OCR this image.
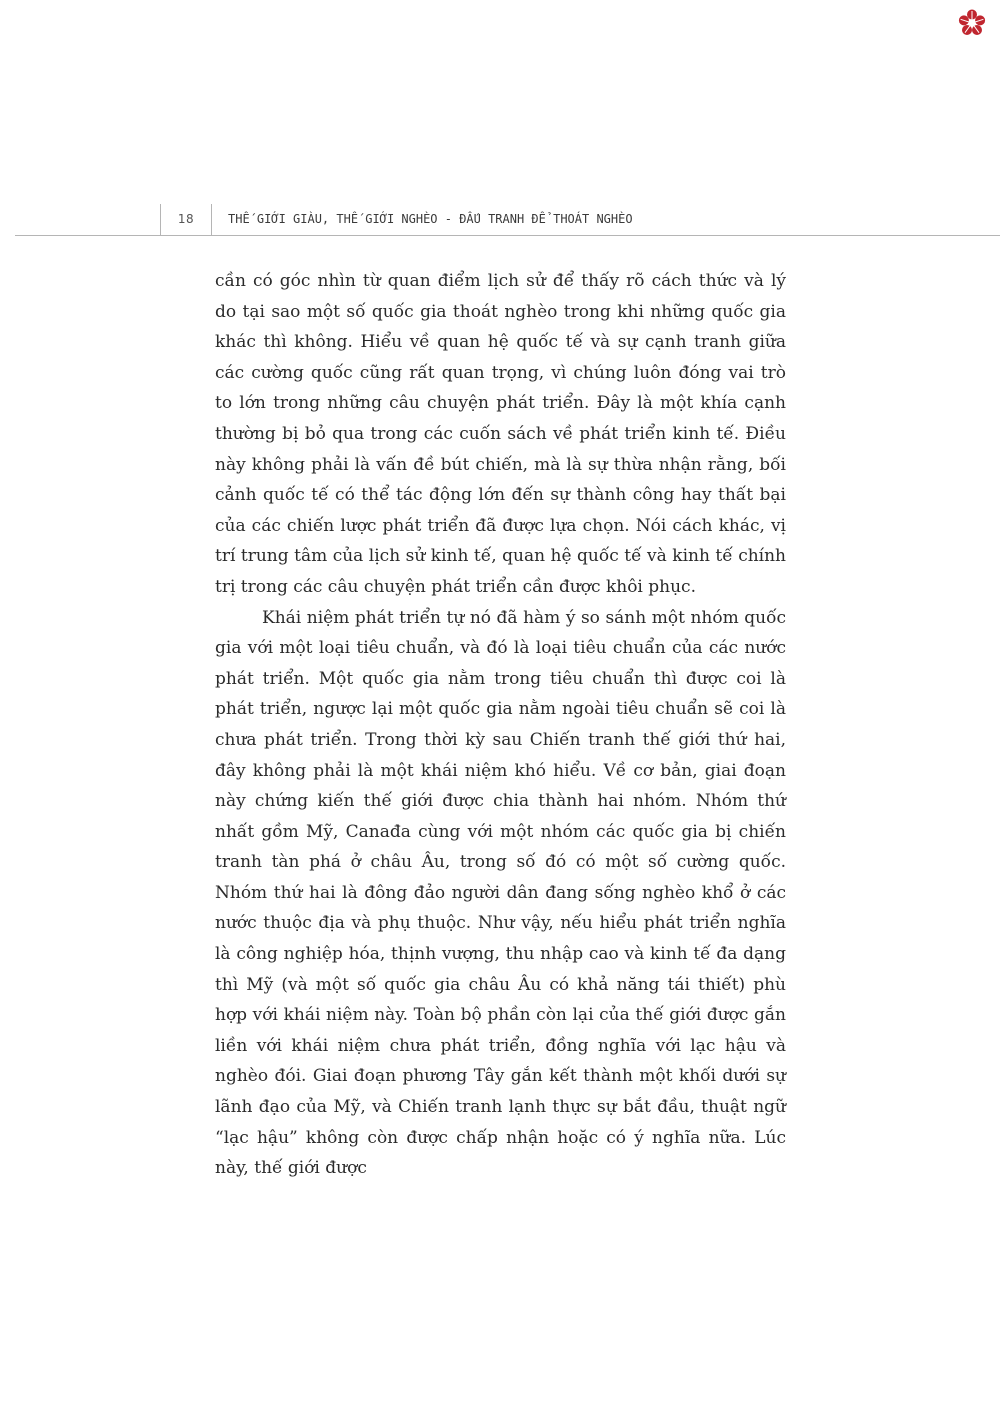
18	THẾ GIỚI GIÀU, THẾ GIỚI NGHÈO - ĐẤU TRANH ĐỂ THOÁT NGHÈO

cần có góc nhìn từ quan điểm lịch sử để thấy rõ cách thức và lý do tại sao một số quốc gia thoát nghèo trong khi những quốc gia khác thì không. Hiểu về quan hệ quốc tế và sự cạnh tranh giữa các cường quốc cũng rất quan trọng, vì chúng luôn đóng vai trò to lớn trong những câu chuyện phát triển. Đây là một khía cạnh thường bị bỏ qua trong các cuốn sách về phát triển kinh tế. Điều này không phải là vấn đề bút chiến, mà là sự thừa nhận rằng, bối cảnh quốc tế có thể tác động lớn đến sự thành công hay thất bại của các chiến lược phát triển đã được lựa chọn. Nói cách khác, vị trí trung tâm của lịch sử kinh tế, quan hệ quốc tế và kinh tế chính trị trong các câu chuyện phát triển cần được khôi phục.

Khái niệm phát triển tự nó đã hàm ý so sánh một nhóm quốc gia với một loại tiêu chuẩn, và đó là loại tiêu chuẩn của các nước phát triển. Một quốc gia nằm trong tiêu chuẩn thì được coi là phát triển, ngược lại một quốc gia nằm ngoài tiêu chuẩn sẽ coi là chưa phát triển. Trong thời kỳ sau Chiến tranh thế giới thứ hai, đây không phải là một khái niệm khó hiểu. Về cơ bản, giai đoạn này chứng kiến thế giới được chia thành hai nhóm. Nhóm thứ nhất gồm Mỹ, Canađa cùng với một nhóm các quốc gia bị chiến tranh tàn phá ở châu Âu, trong số đó có một số cường quốc. Nhóm thứ hai là đông đảo người dân đang sống nghèo khổ ở các nước thuộc địa và phụ thuộc. Như vậy, nếu hiểu phát triển nghĩa là công nghiệp hóa, thịnh vượng, thu nhập cao và kinh tế đa dạng thì Mỹ (và một số quốc gia châu Âu có khả năng tái thiết) phù hợp với khái niệm này. Toàn bộ phần còn lại của thế giới được gắn liền với khái niệm chưa phát triển, đồng nghĩa với lạc hậu và nghèo đói. Giai đoạn phương Tây gắn kết thành một khối dưới sự lãnh đạo của Mỹ, và Chiến tranh lạnh thực sự bắt đầu, thuật ngữ “lạc hậu” không còn được chấp nhận hoặc có ý nghĩa nữa. Lúc này, thế giới được
